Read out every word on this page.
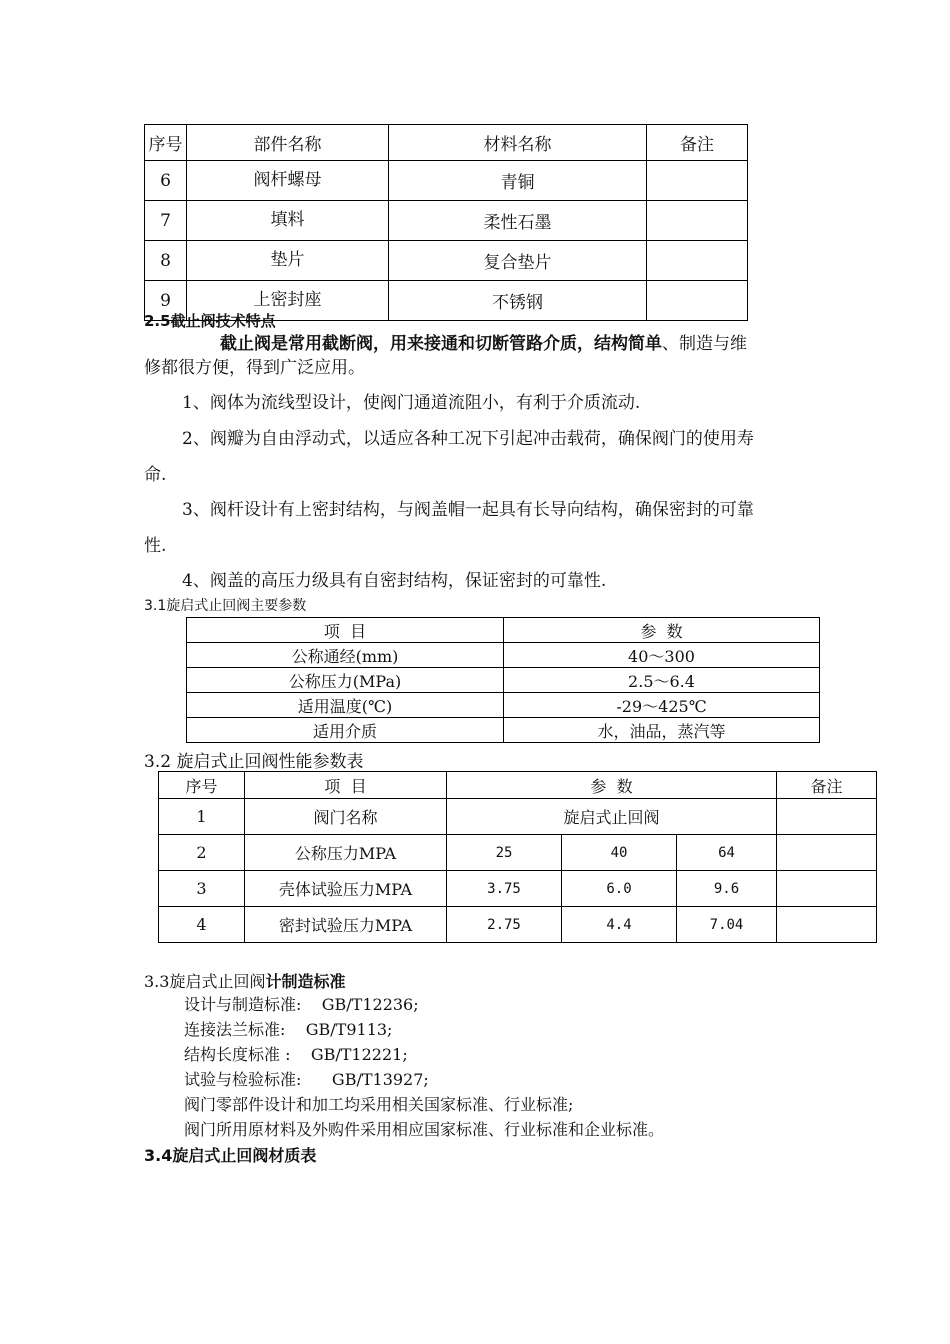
序号	部件名称	材料名称	备注
6	阀杆螺母	青铜	
7	填料	柔性石墨	
8	垫片	复合垫片	
9	上密封座	不锈钢	
2.5截止阀技术特点
截止阀是常用截断阀，用来接通和切断管路介质，结构简单、制造与维
修都很方便，得到广泛应用。
1、阀体为流线型设计，使阀门通道流阻小，有利于介质流动.
2、阀瓣为自由浮动式，以适应各种工况下引起冲击载荷，确保阀门的使用寿
命.
3、阀杆设计有上密封结构，与阀盖帽一起具有长导向结构，确保密封的可靠
性.
4、阀盖的高压力级具有自密封结构，保证密封的可靠性.
3.1旋启式止回阀主要参数
项  目	参  数
公称通经(mm)	40～300
公称压力(MPa)	2.5～6.4
适用温度(℃)	-29～425℃
适用介质	水，油品，蒸汽等
3.2 旋启式止回阀性能参数表
序号	项  目	参  数			备注
1	阀门名称	旋启式止回阀			
2	公称压力MPA	25	40	64	
3	壳体试验压力MPA	3.75	6.0	9.6	
4	密封试验压力MPA	2.75	4.4	7.04	
3.3旋启式止回阀计制造标准
设计与制造标准:    GB/T12236;
连接法兰标准:    GB/T9113;
结构长度标准 :    GB/T12221;
试验与检验标准:      GB/T13927;
阀门零部件设计和加工均采用相关国家标准、行业标准;
阀门所用原材料及外购件采用相应国家标准、行业标准和企业标准。
3.4旋启式止回阀材质表
